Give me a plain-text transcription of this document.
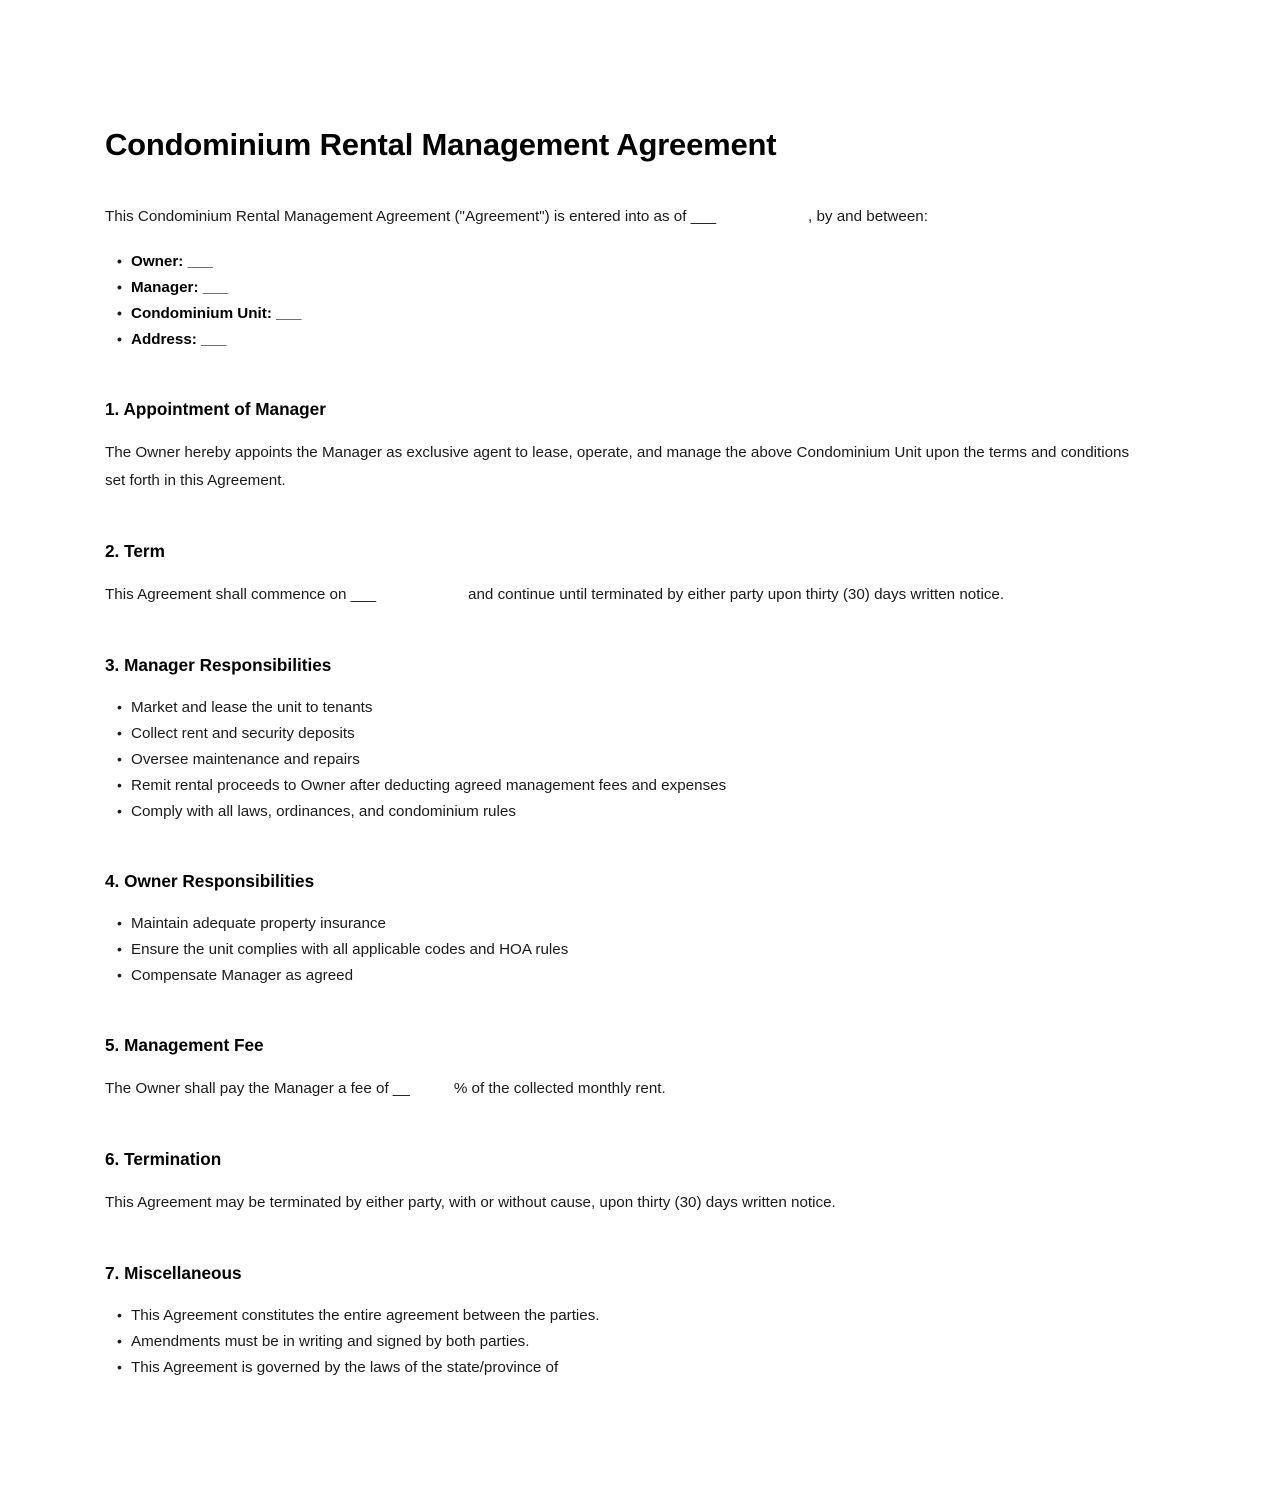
Condominium Rental Management Agreement

This Condominium Rental Management Agreement ("Agreement") is entered into as of ___	, by and between:

• Owner: ___
• Manager: ___
• Condominium Unit: ___
• Address: ___
1. Appointment of Manager

The Owner hereby appoints the Manager as exclusive agent to lease, operate, and manage the above Condominium Unit upon the terms and conditions set forth in this Agreement.

2. Term

This Agreement shall commence on ___	and continue until terminated by either party upon thirty (30) days written notice.

3. Manager Responsibilities
• Market and lease the unit to tenants
• Collect rent and security deposits
• Oversee maintenance and repairs
• Remit rental proceeds to Owner after deducting agreed management fees and expenses
• Comply with all laws, ordinances, and condominium rules
4. Owner Responsibilities
• Maintain adequate property insurance
• Ensure the unit complies with all applicable codes and HOA rules
• Compensate Manager as agreed
5. Management Fee

The Owner shall pay the Manager a fee of __	% of the collected monthly rent.

6. Termination

This Agreement may be terminated by either party, with or without cause, upon thirty (30) days written notice.

7. Miscellaneous
• This Agreement constitutes the entire agreement between the parties.
• Amendments must be in writing and signed by both parties.
• This Agreement is governed by the laws of the state/province of
